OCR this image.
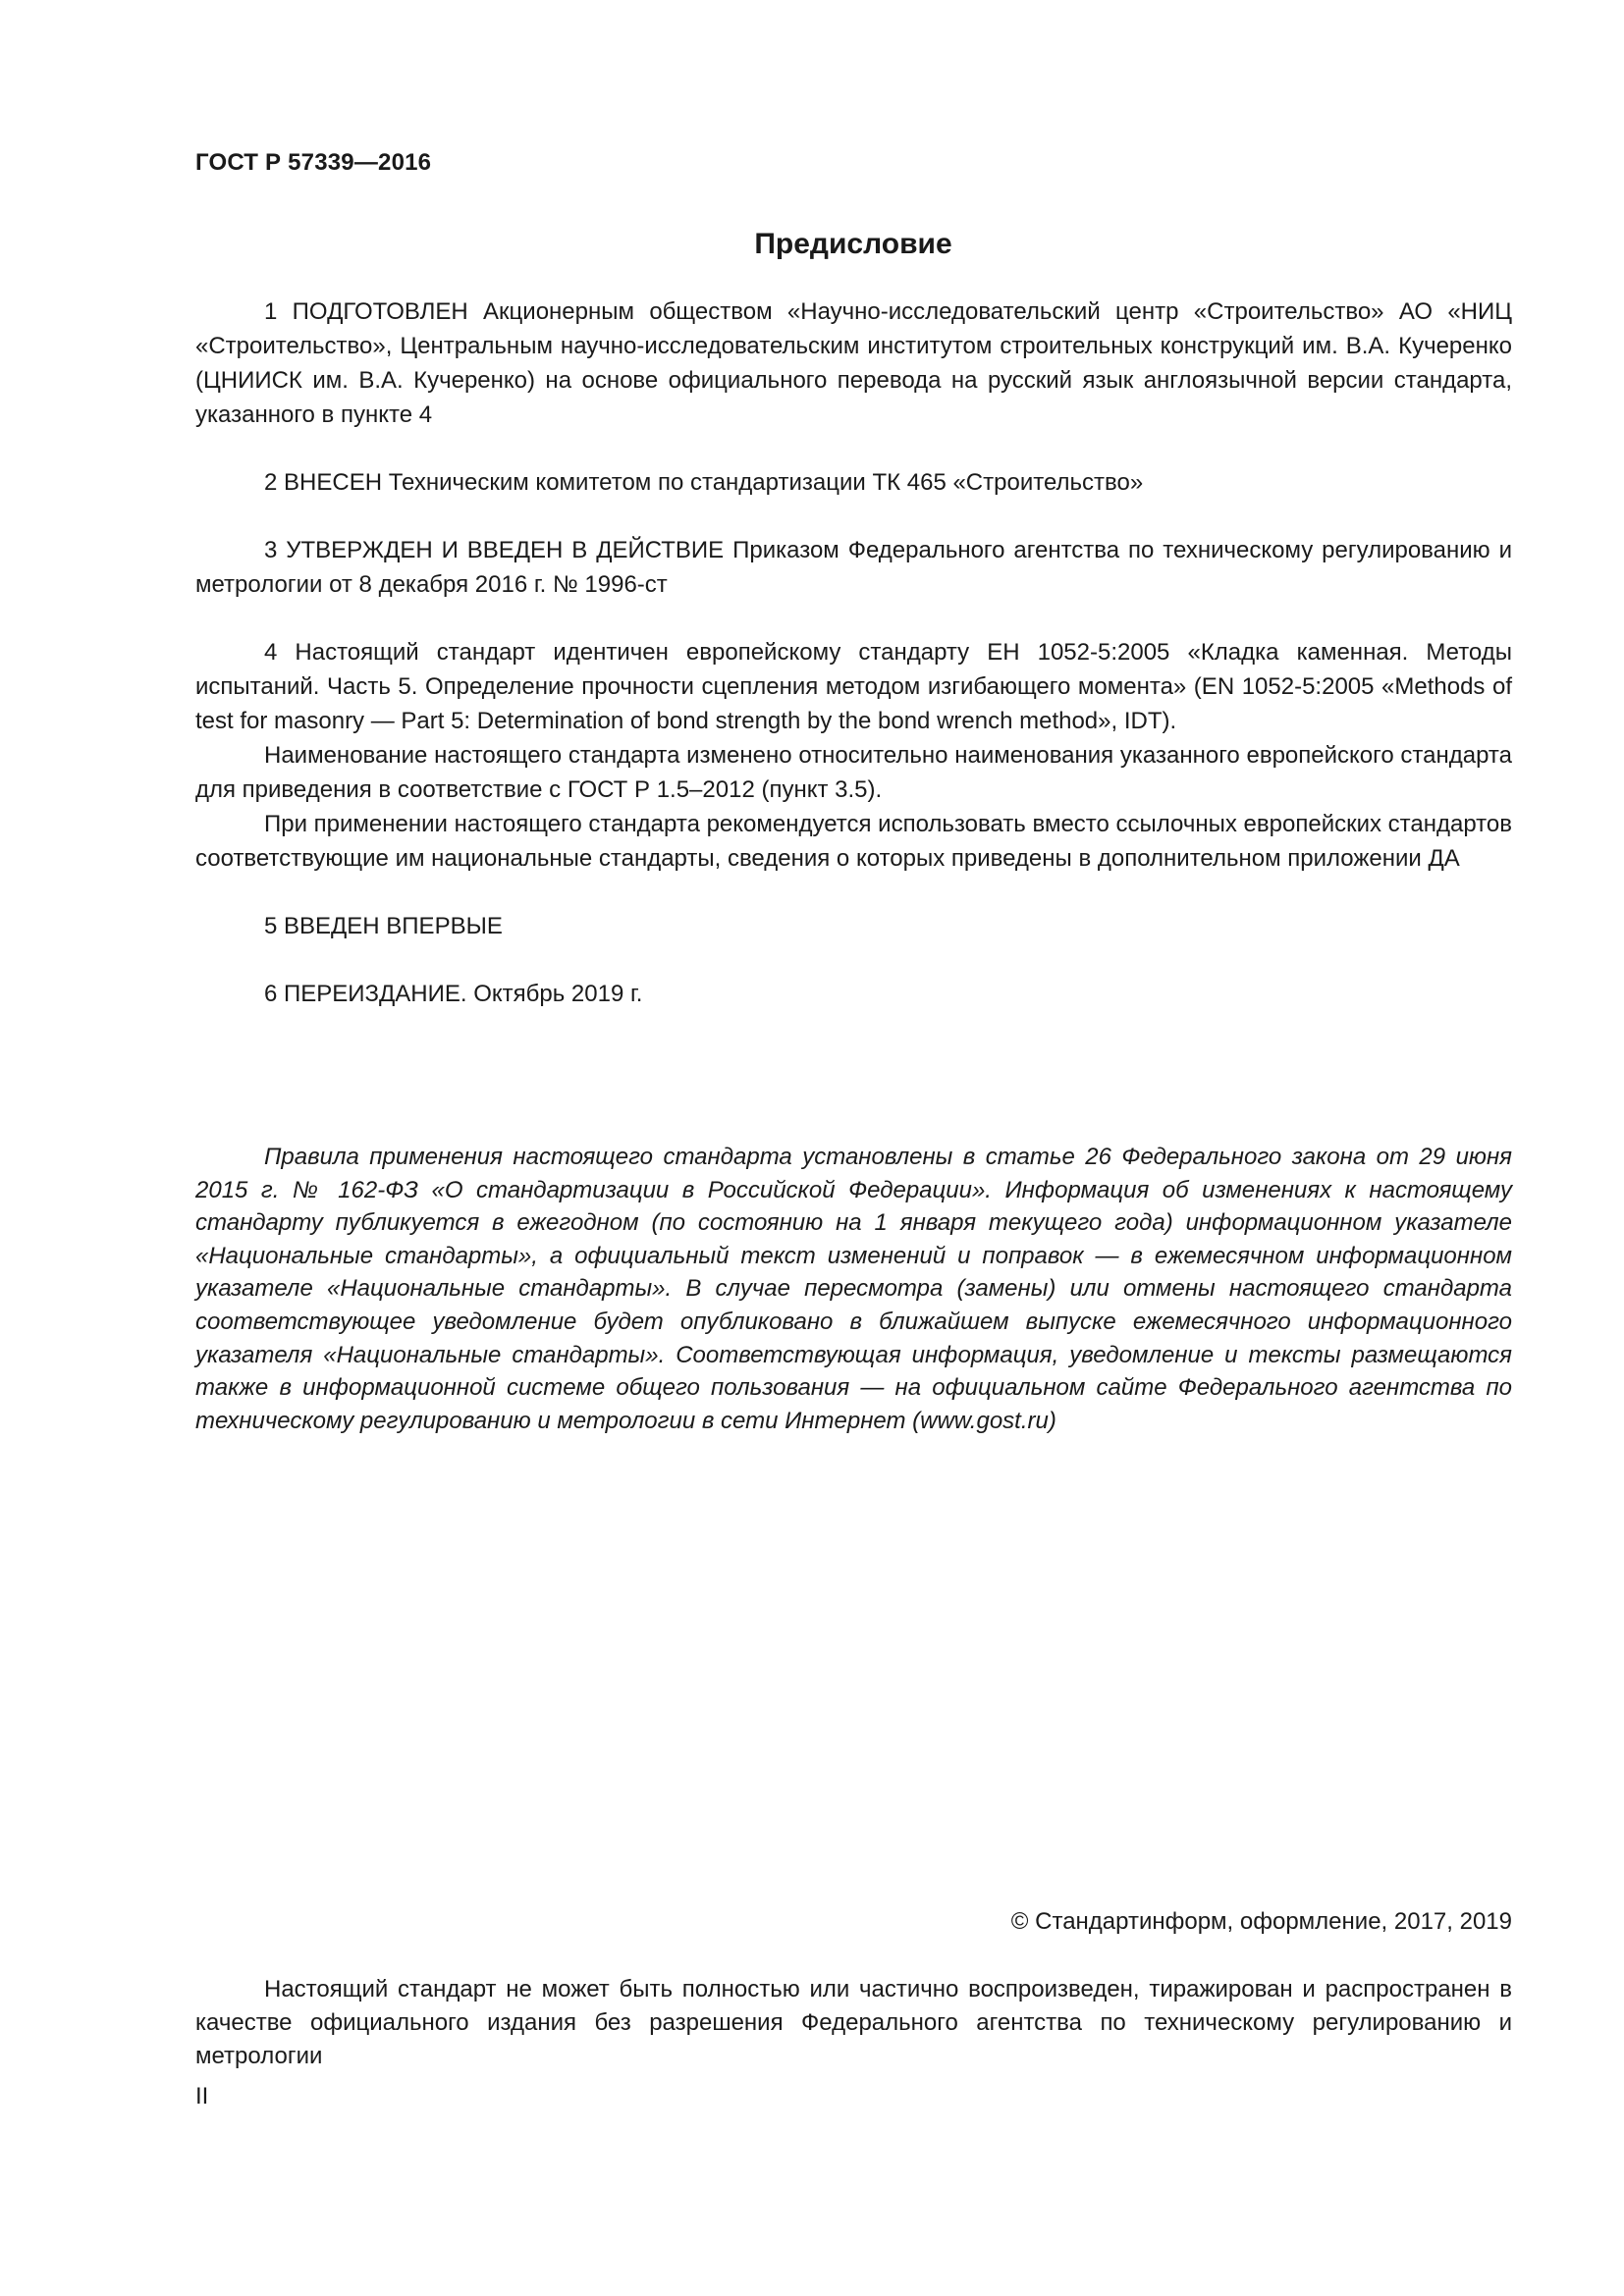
ГОСТ Р 57339—2016
Предисловие

1 ПОДГОТОВЛЕН Акционерным обществом «Научно-исследовательский центр «Строительство» АО «НИЦ «Строительство», Центральным научно-исследовательским институтом строительных конструкций им. В.А. Кучеренко (ЦНИИСК им. В.А. Кучеренко) на основе официального перевода на русский язык англоязычной версии стандарта, указанного в пункте 4

2 ВНЕСЕН Техническим комитетом по стандартизации ТК 465 «Строительство»

3 УТВЕРЖДЕН И ВВЕДЕН В ДЕЙСТВИЕ Приказом Федерального агентства по техническому регулированию и метрологии от 8 декабря 2016 г. № 1996-ст

4 Настоящий стандарт идентичен европейскому стандарту ЕН 1052-5:2005 «Кладка каменная. Методы испытаний. Часть 5. Определение прочности сцепления методом изгибающего момента» (EN 1052-5:2005 «Methods of test for masonry — Part 5: Determination of bond strength by the bond wrench method», IDT).

Наименование настоящего стандарта изменено относительно наименования указанного европейского стандарта для приведения в соответствие с ГОСТ Р 1.5–2012 (пункт 3.5).

При применении настоящего стандарта рекомендуется использовать вместо ссылочных европейских стандартов соответствующие им национальные стандарты, сведения о которых приведены в дополнительном приложении ДА

5 ВВЕДЕН ВПЕРВЫЕ

6 ПЕРЕИЗДАНИЕ. Октябрь 2019 г.

Правила применения настоящего стандарта установлены в статье 26 Федерального закона от 29 июня 2015 г. № 162-ФЗ «О стандартизации в Российской Федерации». Информация об изменениях к настоящему стандарту публикуется в ежегодном (по состоянию на 1 января текущего года) информационном указателе «Национальные стандарты», а официальный текст изменений и поправок — в ежемесячном информационном указателе «Национальные стандарты». В случае пересмотра (замены) или отмены настоящего стандарта соответствующее уведомление будет опубликовано в ближайшем выпуске ежемесячного информационного указателя «Национальные стандарты». Соответствующая информация, уведомление и тексты размещаются также в информационной системе общего пользования — на официальном сайте Федерального агентства по техническому регулированию и метрологии в сети Интернет (www.gost.ru)

© Стандартинформ, оформление, 2017, 2019

Настоящий стандарт не может быть полностью или частично воспроизведен, тиражирован и распространен в качестве официального издания без разрешения Федерального агентства по техническому регулированию и метрологии

II
